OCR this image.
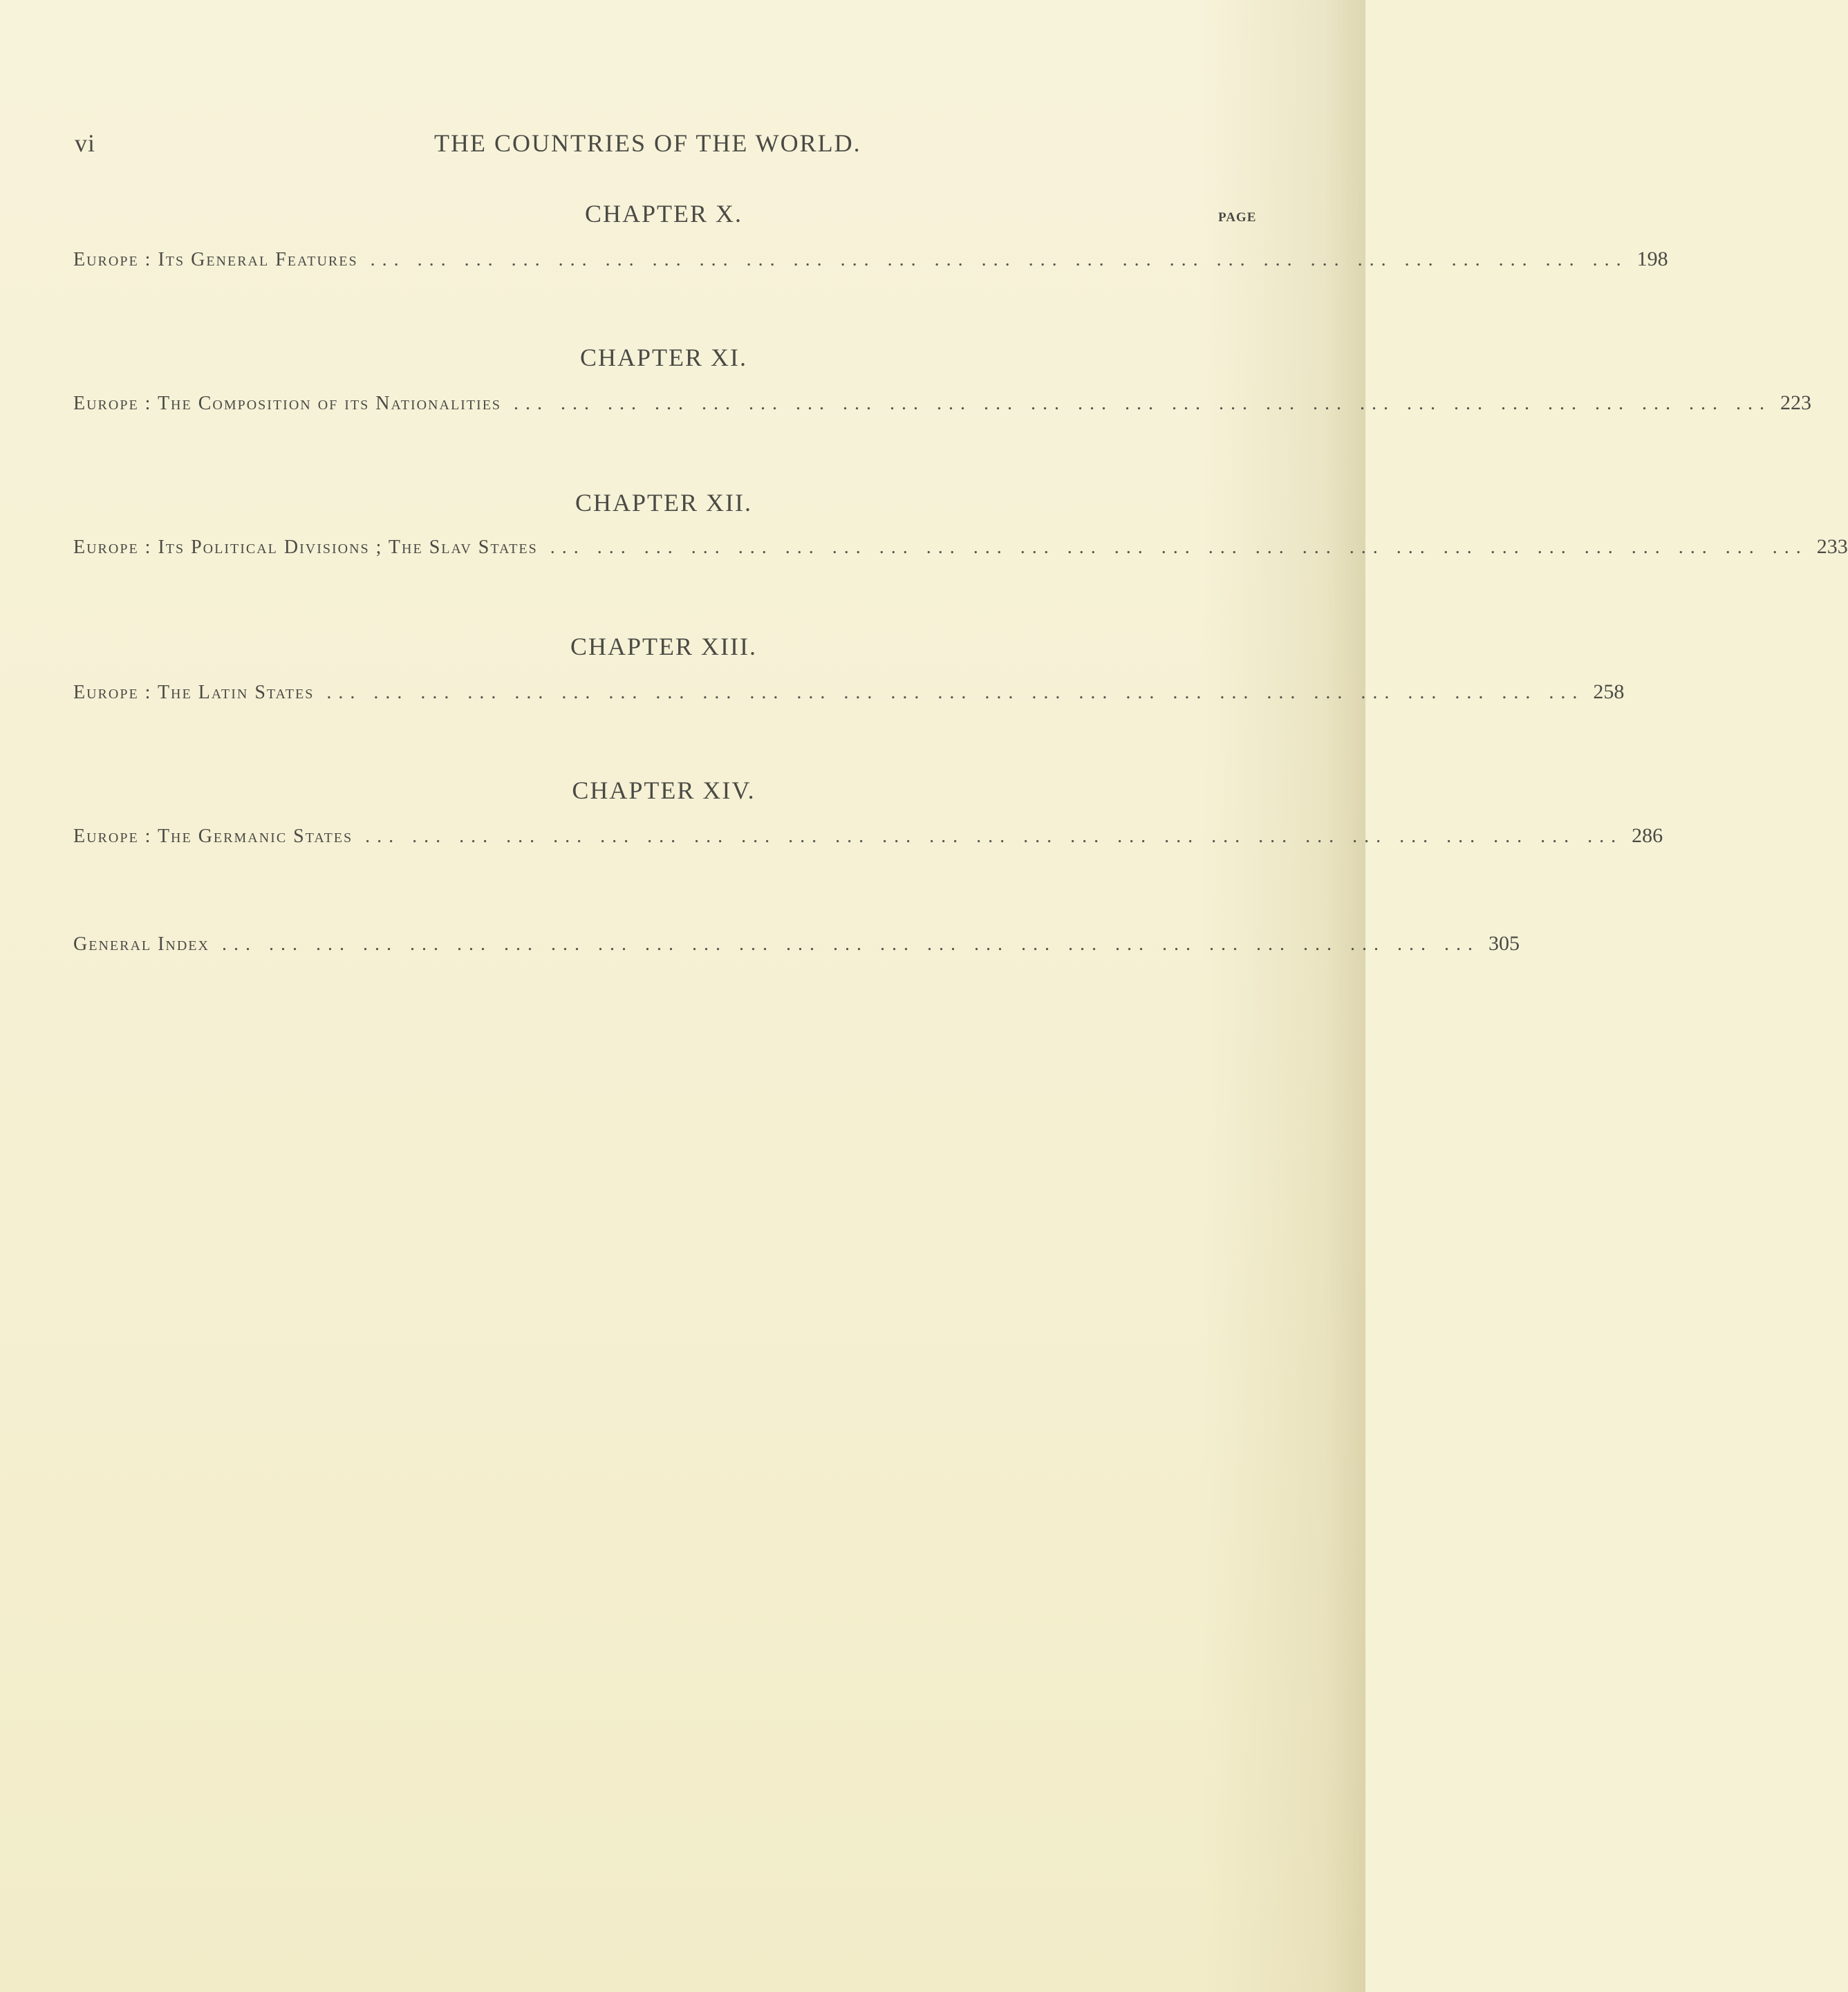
vi	THE COUNTRIES OF THE WORLD.
PAGE
CHAPTER X.
Europe : Its General Features ... ... ... ... ... ... ... ... ... ... ... ... ... ... ... ... ... ... ... ... ... ... ... ... ... ... ... 198
CHAPTER XI.
Europe : The Composition of its Nationalities ... ... ... ... ... ... ... ... ... ... ... ... ... ... ... ... ... ... ... ... ... ... ... ... ... ... ... 223
CHAPTER XII.
Europe : Its Political Divisions ; The Slav States ... ... ... ... ... ... ... ... ... ... ... ... ... ... ... ... ... ... ... ... ... ... ... ... ... ... ... 233
CHAPTER XIII.
Europe : The Latin States ... ... ... ... ... ... ... ... ... ... ... ... ... ... ... ... ... ... ... ... ... ... ... ... ... ... ... 258
CHAPTER XIV.
Europe : The Germanic States ... ... ... ... ... ... ... ... ... ... ... ... ... ... ... ... ... ... ... ... ... ... ... ... ... ... ... 286
General Index ... ... ... ... ... ... ... ... ... ... ... ... ... ... ... ... ... ... ... ... ... ... ... ... ... ... ... 305
